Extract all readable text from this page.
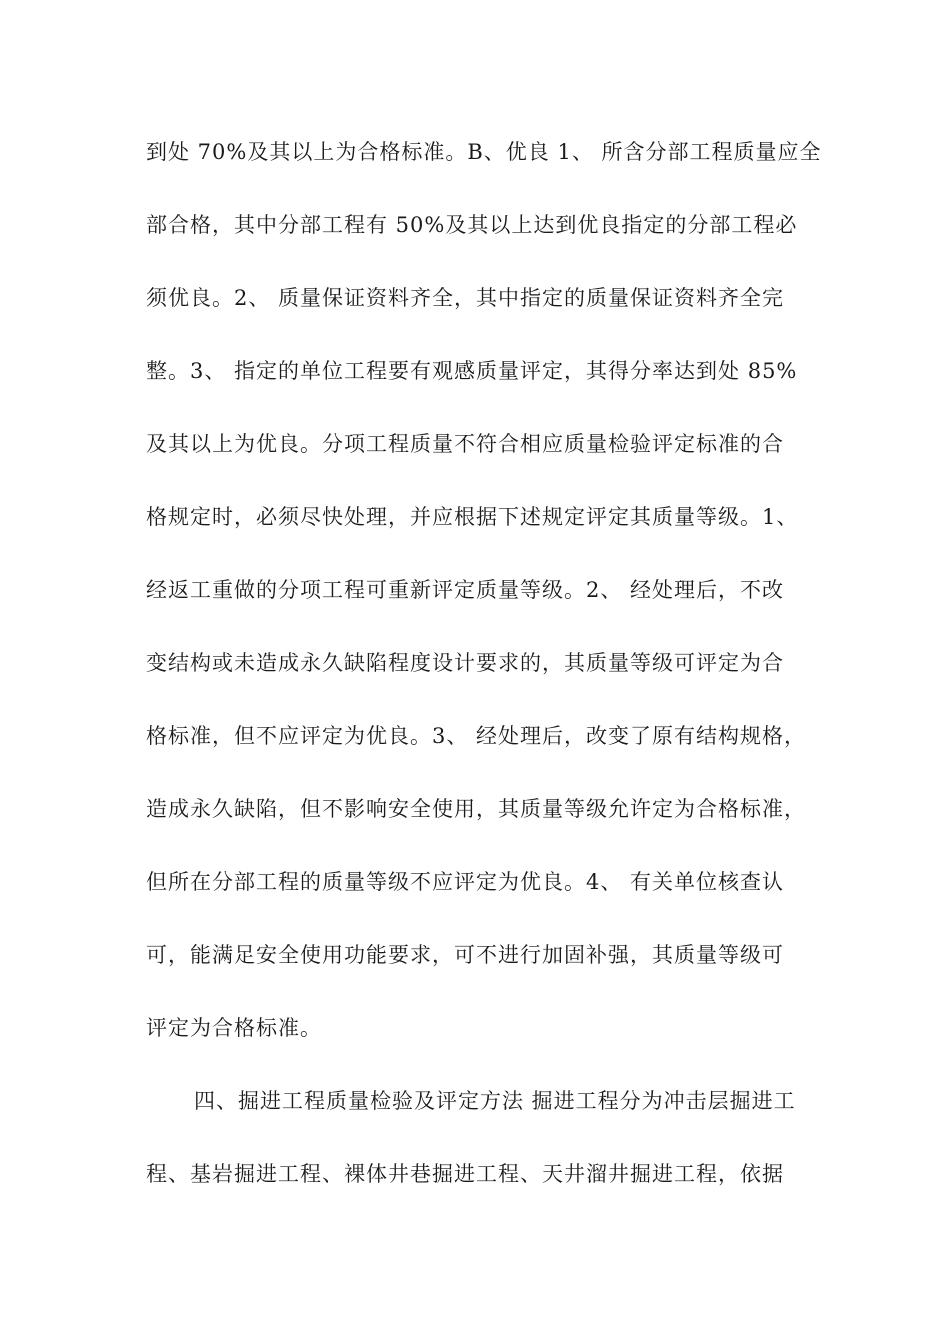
到处 70%及其以上为合格标准。B、优良 1、 所含分部工程质量应全
部合格，其中分部工程有 50%及其以上达到优良指定的分部工程必
须优良。2、 质量保证资料齐全，其中指定的质量保证资料齐全完
整。3、 指定的单位工程要有观感质量评定，其得分率达到处 85%
及其以上为优良。分项工程质量不符合相应质量检验评定标准的合
格规定时，必须尽快处理，并应根据下述规定评定其质量等级。1、
经返工重做的分项工程可重新评定质量等级。2、 经处理后，不改
变结构或未造成永久缺陷程度设计要求的，其质量等级可评定为合
格标准，但不应评定为优良。3、 经处理后，改变了原有结构规格，
造成永久缺陷，但不影响安全使用，其质量等级允许定为合格标准，
但所在分部工程的质量等级不应评定为优良。4、 有关单位核查认
可，能满足安全使用功能要求，可不进行加固补强，其质量等级可
评定为合格标准。
四、掘进工程质量检验及评定方法 掘进工程分为冲击层掘进工
程、基岩掘进工程、裸体井巷掘进工程、天井溜井掘进工程，依据
